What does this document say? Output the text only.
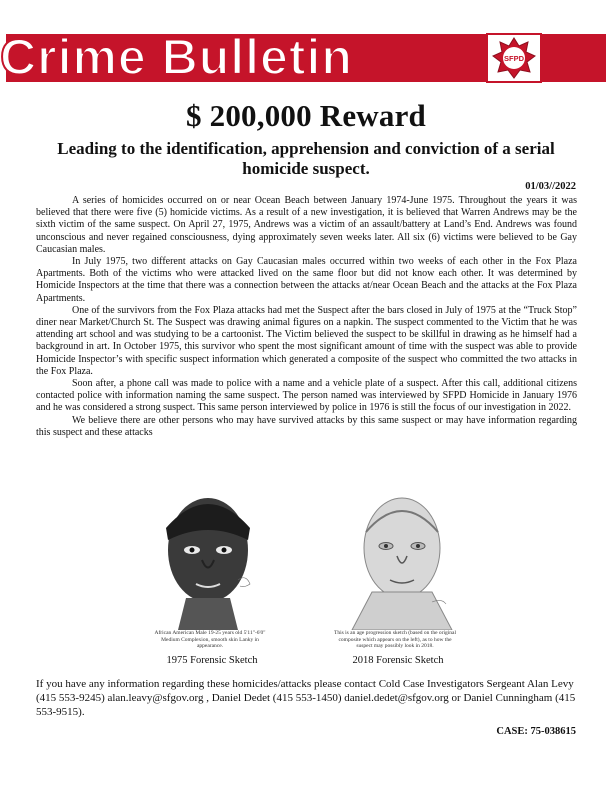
Crime Bulletin	SFPD
$ 200,000 Reward
Leading to the identification, apprehension and conviction of a serial homicide suspect.
01/03//2022

A series of homicides occurred on or near Ocean Beach between January 1974-June 1975. Throughout the years it was believed that there were five (5) homicide victims. As a result of a new investigation, it is believed that Warren Andrews may be the sixth victim of the same suspect. On April 27, 1975, Andrews was a victim of an assault/battery at Land’s End. Andrews was found unconscious and never regained consciousness, dying approximately seven weeks later. All six (6) victims were believed to be Gay Caucasian males.

In July 1975, two different attacks on Gay Caucasian males occurred within two weeks of each other in the Fox Plaza Apartments. Both of the victims who were attacked lived on the same floor but did not know each other. It was determined by Homicide Inspectors at the time that there was a connection between the attacks at/near Ocean Beach and the attacks at the Fox Plaza Apartments.

One of the survivors from the Fox Plaza attacks had met the Suspect after the bars closed in July of 1975 at the “Truck Stop” diner near Market/Church St. The Suspect was drawing animal figures on a napkin. The suspect commented to the Victim that he was attending art school and was studying to be a cartoonist. The Victim believed the suspect to be skillful in drawing as he himself had a background in art. In October 1975, this survivor who spent the most significant amount of time with the suspect was able to provide Homicide Inspector’s with specific suspect information which generated a composite of the suspect who committed the two attacks in the Fox Plaza.

Soon after, a phone call was made to police with a name and a vehicle plate of a suspect. After this call, additional citizens contacted police with information naming the same suspect. The person named was interviewed by SFPD Homicide in January 1976 and he was considered a strong suspect. This same person interviewed by police in 1976 is still the focus of our investigation in 2022.

We believe there are other persons who may have survived attacks by this same suspect or may have information regarding this suspect and these attacks

African American Male 19-25 years old 5'11"-6'0" Medium Complexion, smooth skin Lanky in appearance.
1975 Forensic Sketch
This is an age progression sketch (based on the original composite which appears on the left), as to how the suspect may possibly look in 2018.
2018 Forensic Sketch
If you have any information regarding these homicides/attacks please contact Cold Case Investigators Sergeant Alan Levy (415 553-9245) alan.leavy@sfgov.org , Daniel Dedet (415 553-1450) daniel.dedet@sfgov.org or Daniel Cunningham (415 553-9515).
CASE: 75-038615
